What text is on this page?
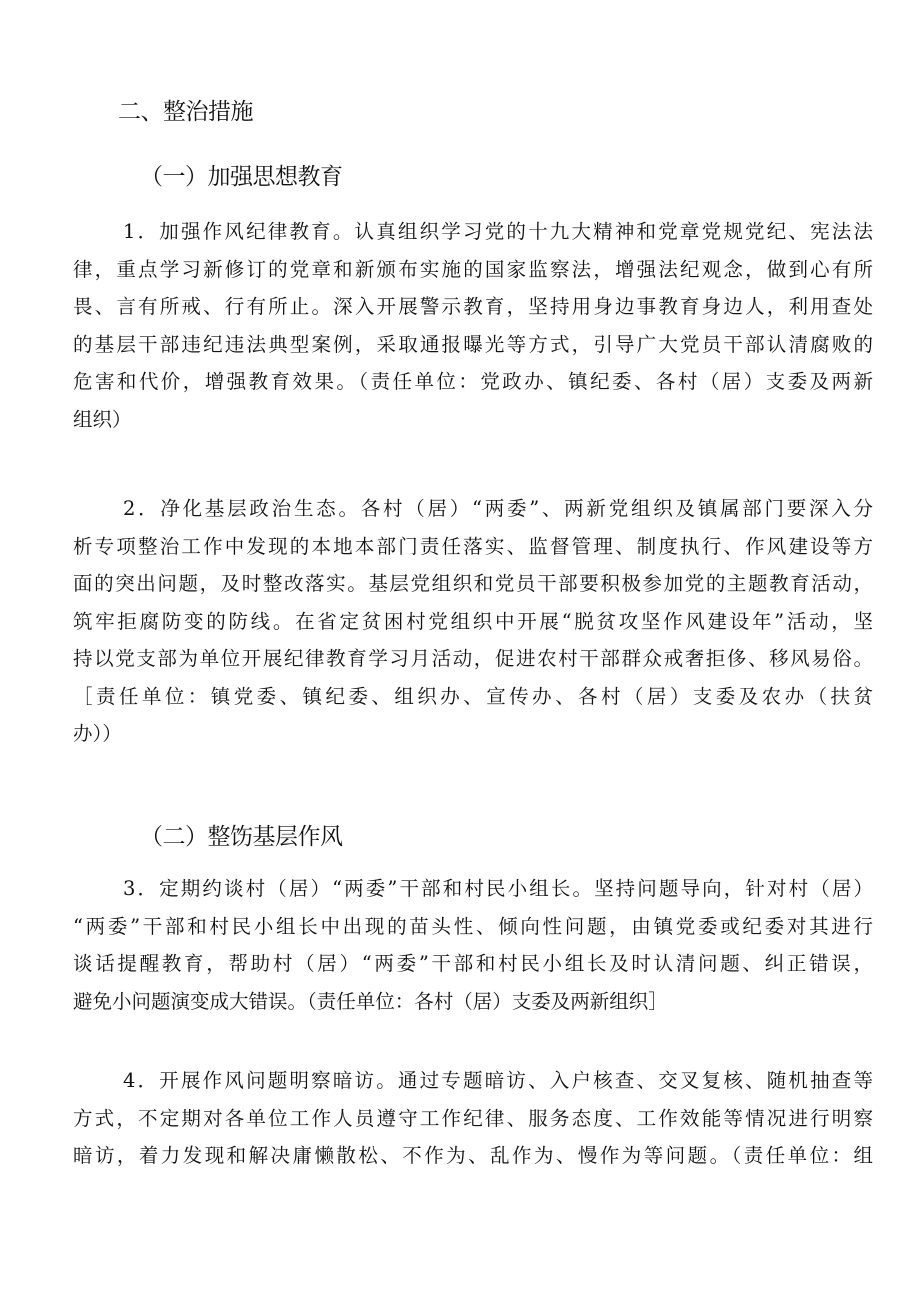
二、整治措施
（一）加强思想教育
1．加强作风纪律教育。认真组织学习党的十九大精神和党章党规党纪、宪法法
律，重点学习新修订的党章和新颁布实施的国家监察法，增强法纪观念，做到心有所
畏、言有所戒、行有所止。深入开展警示教育，坚持用身边事教育身边人，利用查处
的基层干部违纪违法典型案例，采取通报曝光等方式，引导广大党员干部认清腐败的
危害和代价，增强教育效果。（责任单位：党政办、镇纪委、各村（居）支委及两新
组织）
2．净化基层政治生态。各村（居）“两委”、两新党组织及镇属部门要深入分
析专项整治工作中发现的本地本部门责任落实、监督管理、制度执行、作风建设等方
面的突出问题，及时整改落实。基层党组织和党员干部要积极参加党的主题教育活动，
筑牢拒腐防变的防线。在省定贫困村党组织中开展“脱贫攻坚作风建设年”活动，坚
持以党支部为单位开展纪律教育学习月活动，促进农村干部群众戒奢拒侈、移风易俗。
［责任单位：镇党委、镇纪委、组织办、宣传办、各村（居）支委及农办（扶贫
办））
（二）整饬基层作风
3．定期约谈村（居）“两委”干部和村民小组长。坚持问题导向，针对村（居）
“两委”干部和村民小组长中出现的苗头性、倾向性问题，由镇党委或纪委对其进行
谈话提醒教育，帮助村（居）“两委”干部和村民小组长及时认清问题、纠正错误，
避免小问题演变成大错误。（责任单位：各村（居）支委及两新组织］
4．开展作风问题明察暗访。通过专题暗访、入户核查、交叉复核、随机抽查等
方式，不定期对各单位工作人员遵守工作纪律、服务态度、工作效能等情况进行明察
暗访，着力发现和解决庸懒散松、不作为、乱作为、慢作为等问题。（责任单位：组
